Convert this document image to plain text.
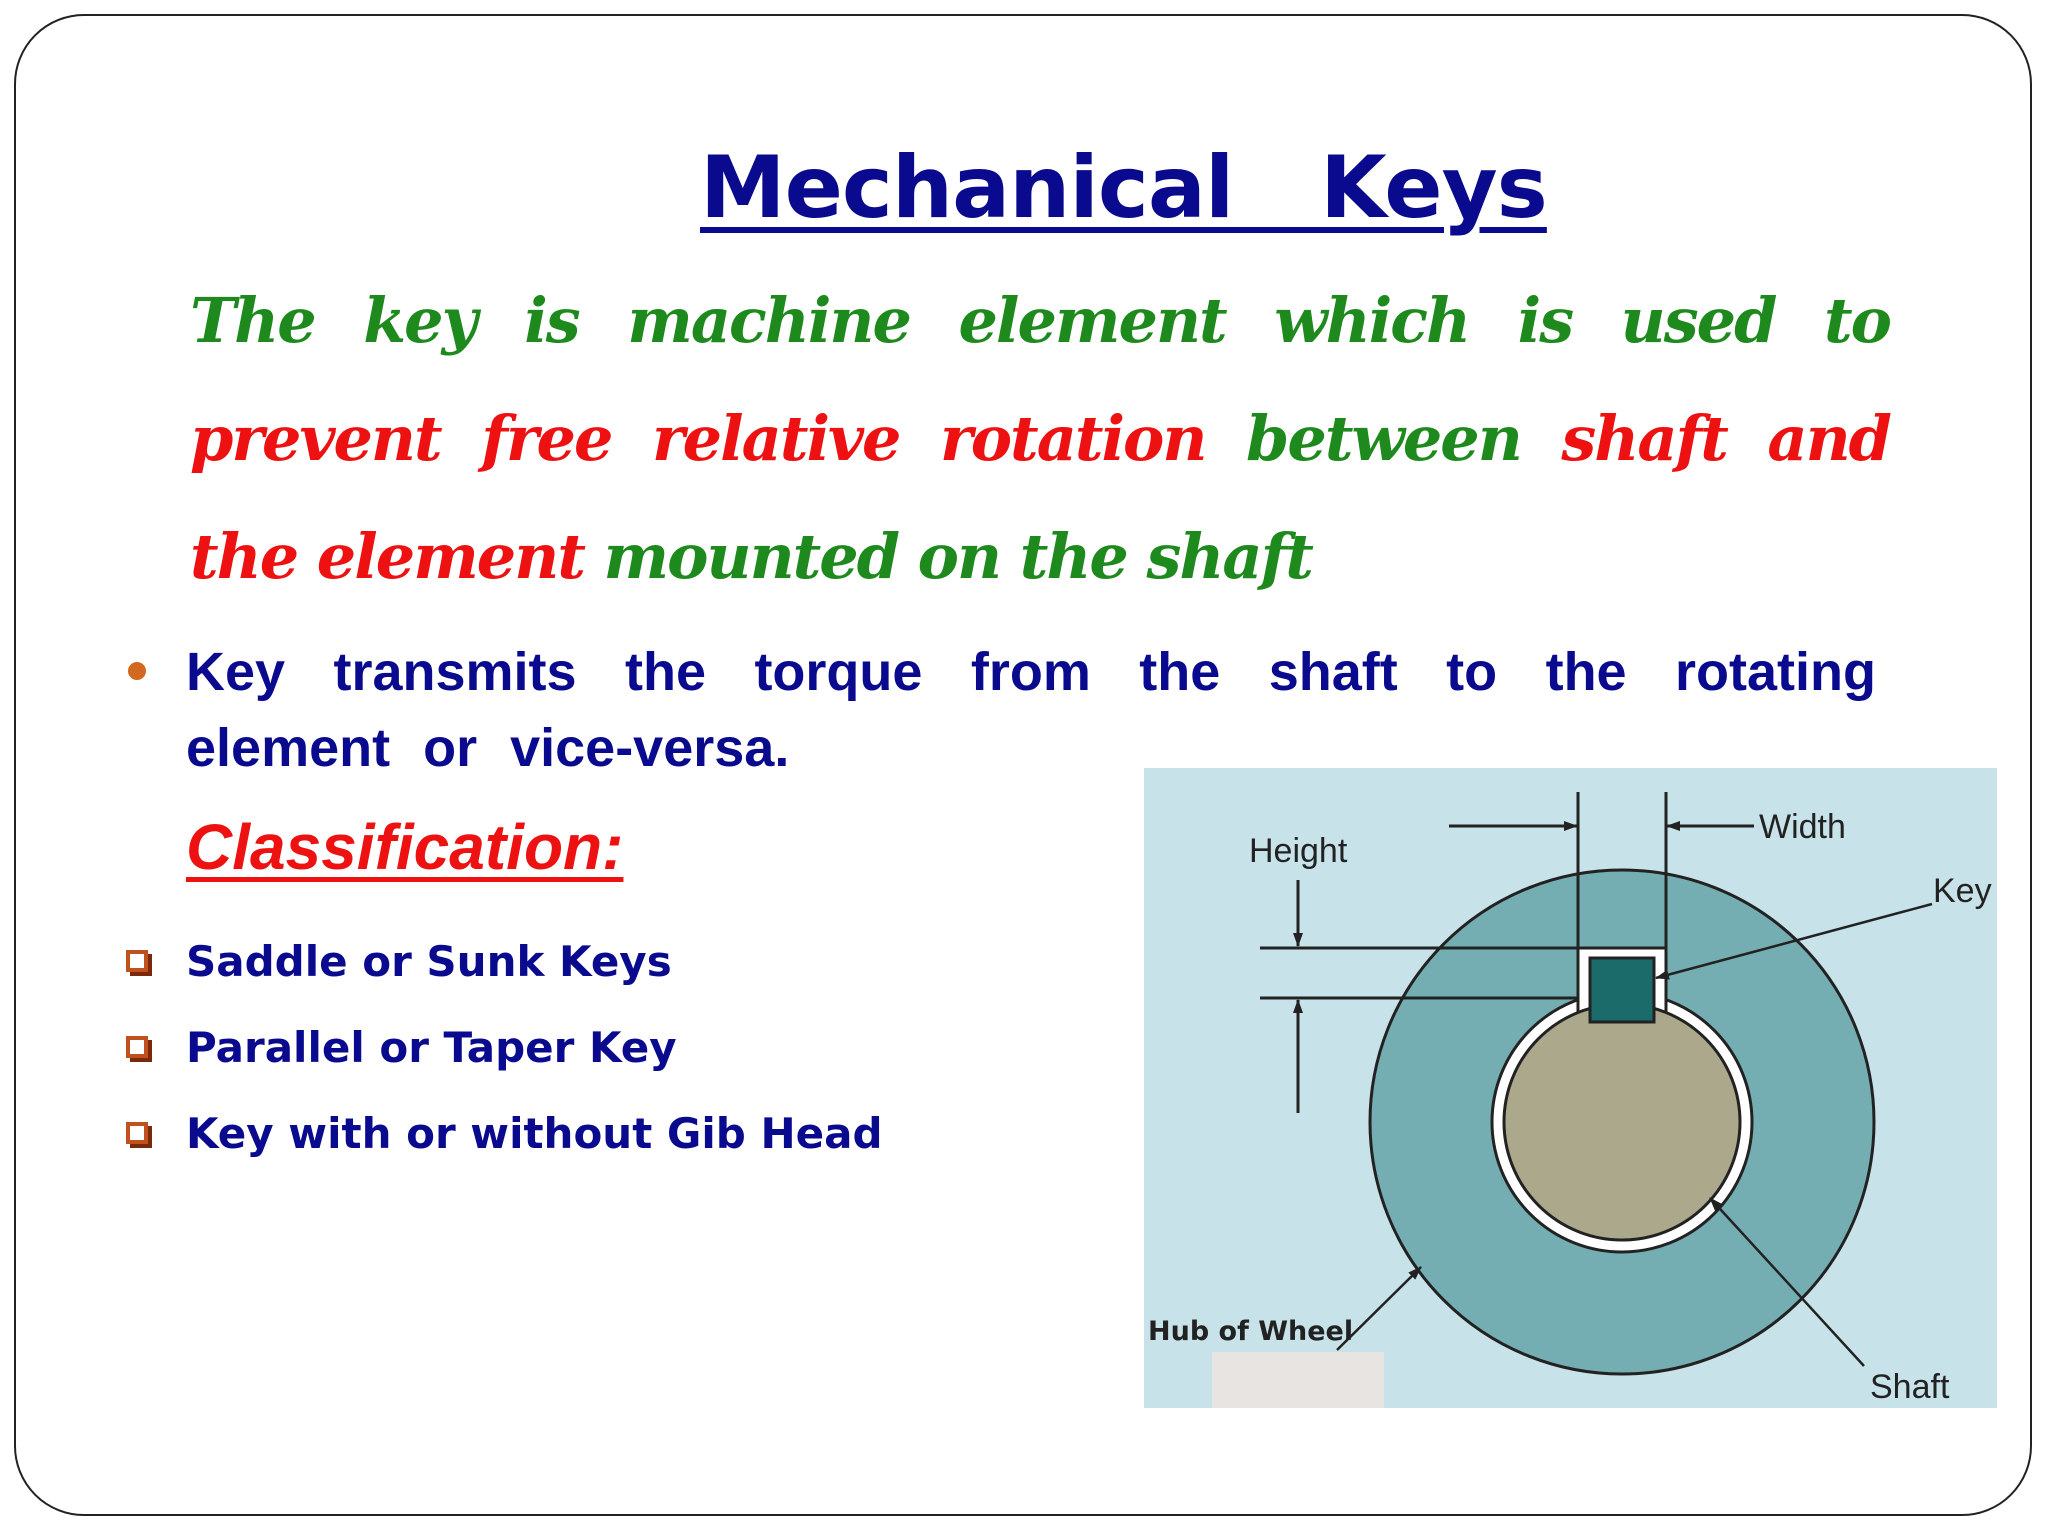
Mechanical   Keys
The key is machine element which is used to prevent free relative rotation between shaft and the element mounted on the shaft
Key transmits the torque from the shaft to the rotating element or vice-versa.
Classification:
Saddle or Sunk Keys
Parallel or Taper Key
Key with or without Gib Head
Width
Height
Key
Hub of Wheel
Shaft
